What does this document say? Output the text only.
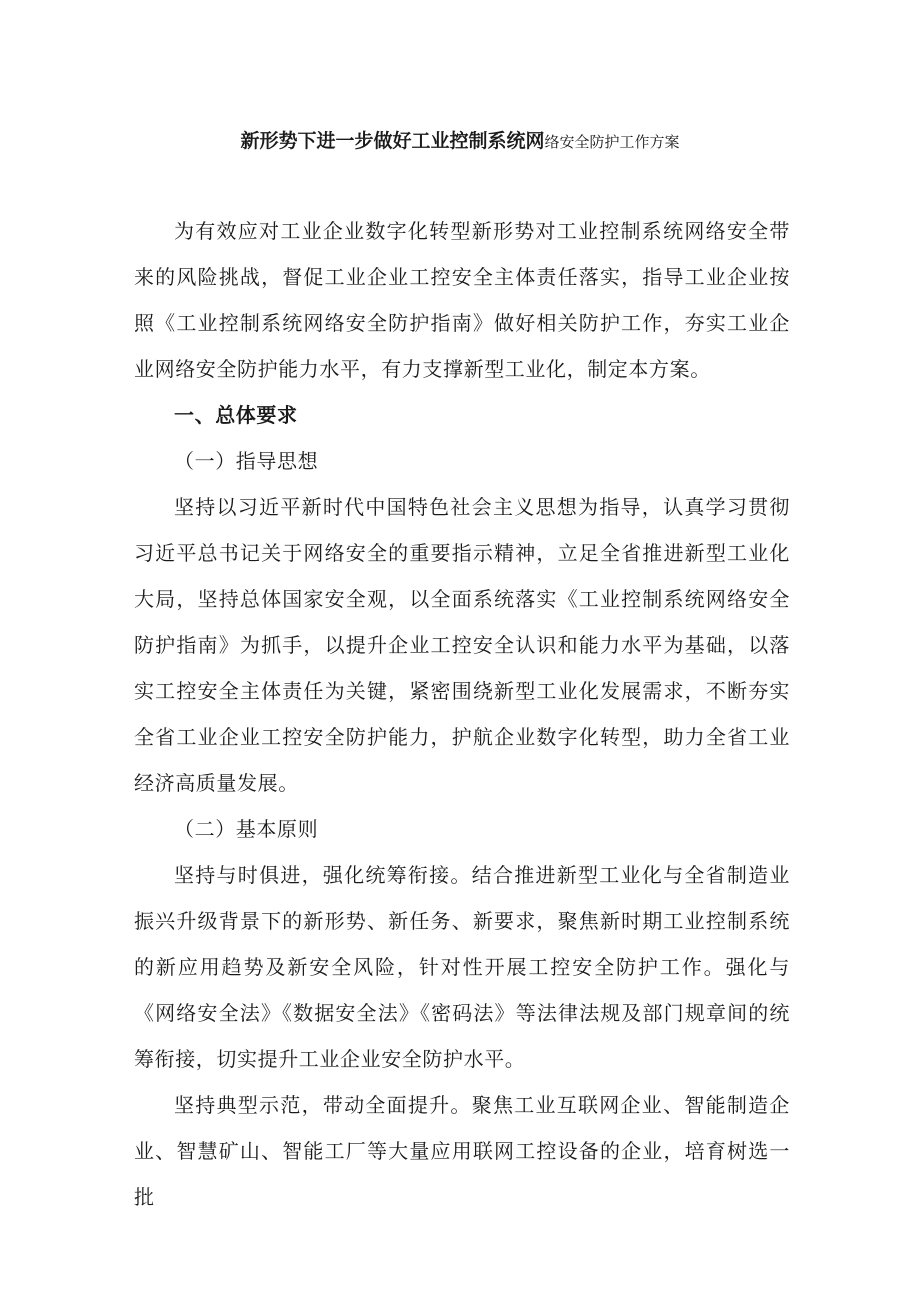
新形势下进一步做好工业控制系统网络安全防护工作方案

为有效应对工业企业数字化转型新形势对工业控制系统网络安全带来的风险挑战，督促工业企业工控安全主体责任落实，指导工业企业按照《工业控制系统网络安全防护指南》做好相关防护工作，夯实工业企业网络安全防护能力水平，有力支撑新型工业化，制定本方案。

一、总体要求

（一）指导思想

坚持以习近平新时代中国特色社会主义思想为指导，认真学习贯彻习近平总书记关于网络安全的重要指示精神，立足全省推进新型工业化大局，坚持总体国家安全观，以全面系统落实《工业控制系统网络安全防护指南》为抓手，以提升企业工控安全认识和能力水平为基础，以落实工控安全主体责任为关键，紧密围绕新型工业化发展需求，不断夯实全省工业企业工控安全防护能力，护航企业数字化转型，助力全省工业经济高质量发展。

（二）基本原则

坚持与时俱进，强化统筹衔接。结合推进新型工业化与全省制造业振兴升级背景下的新形势、新任务、新要求，聚焦新时期工业控制系统的新应用趋势及新安全风险，针对性开展工控安全防护工作。强化与《网络安全法》《数据安全法》《密码法》等法律法规及部门规章间的统筹衔接，切实提升工业企业安全防护水平。

坚持典型示范，带动全面提升。聚焦工业互联网企业、智能制造企业、智慧矿山、智能工厂等大量应用联网工控设备的企业，培育树选一批
